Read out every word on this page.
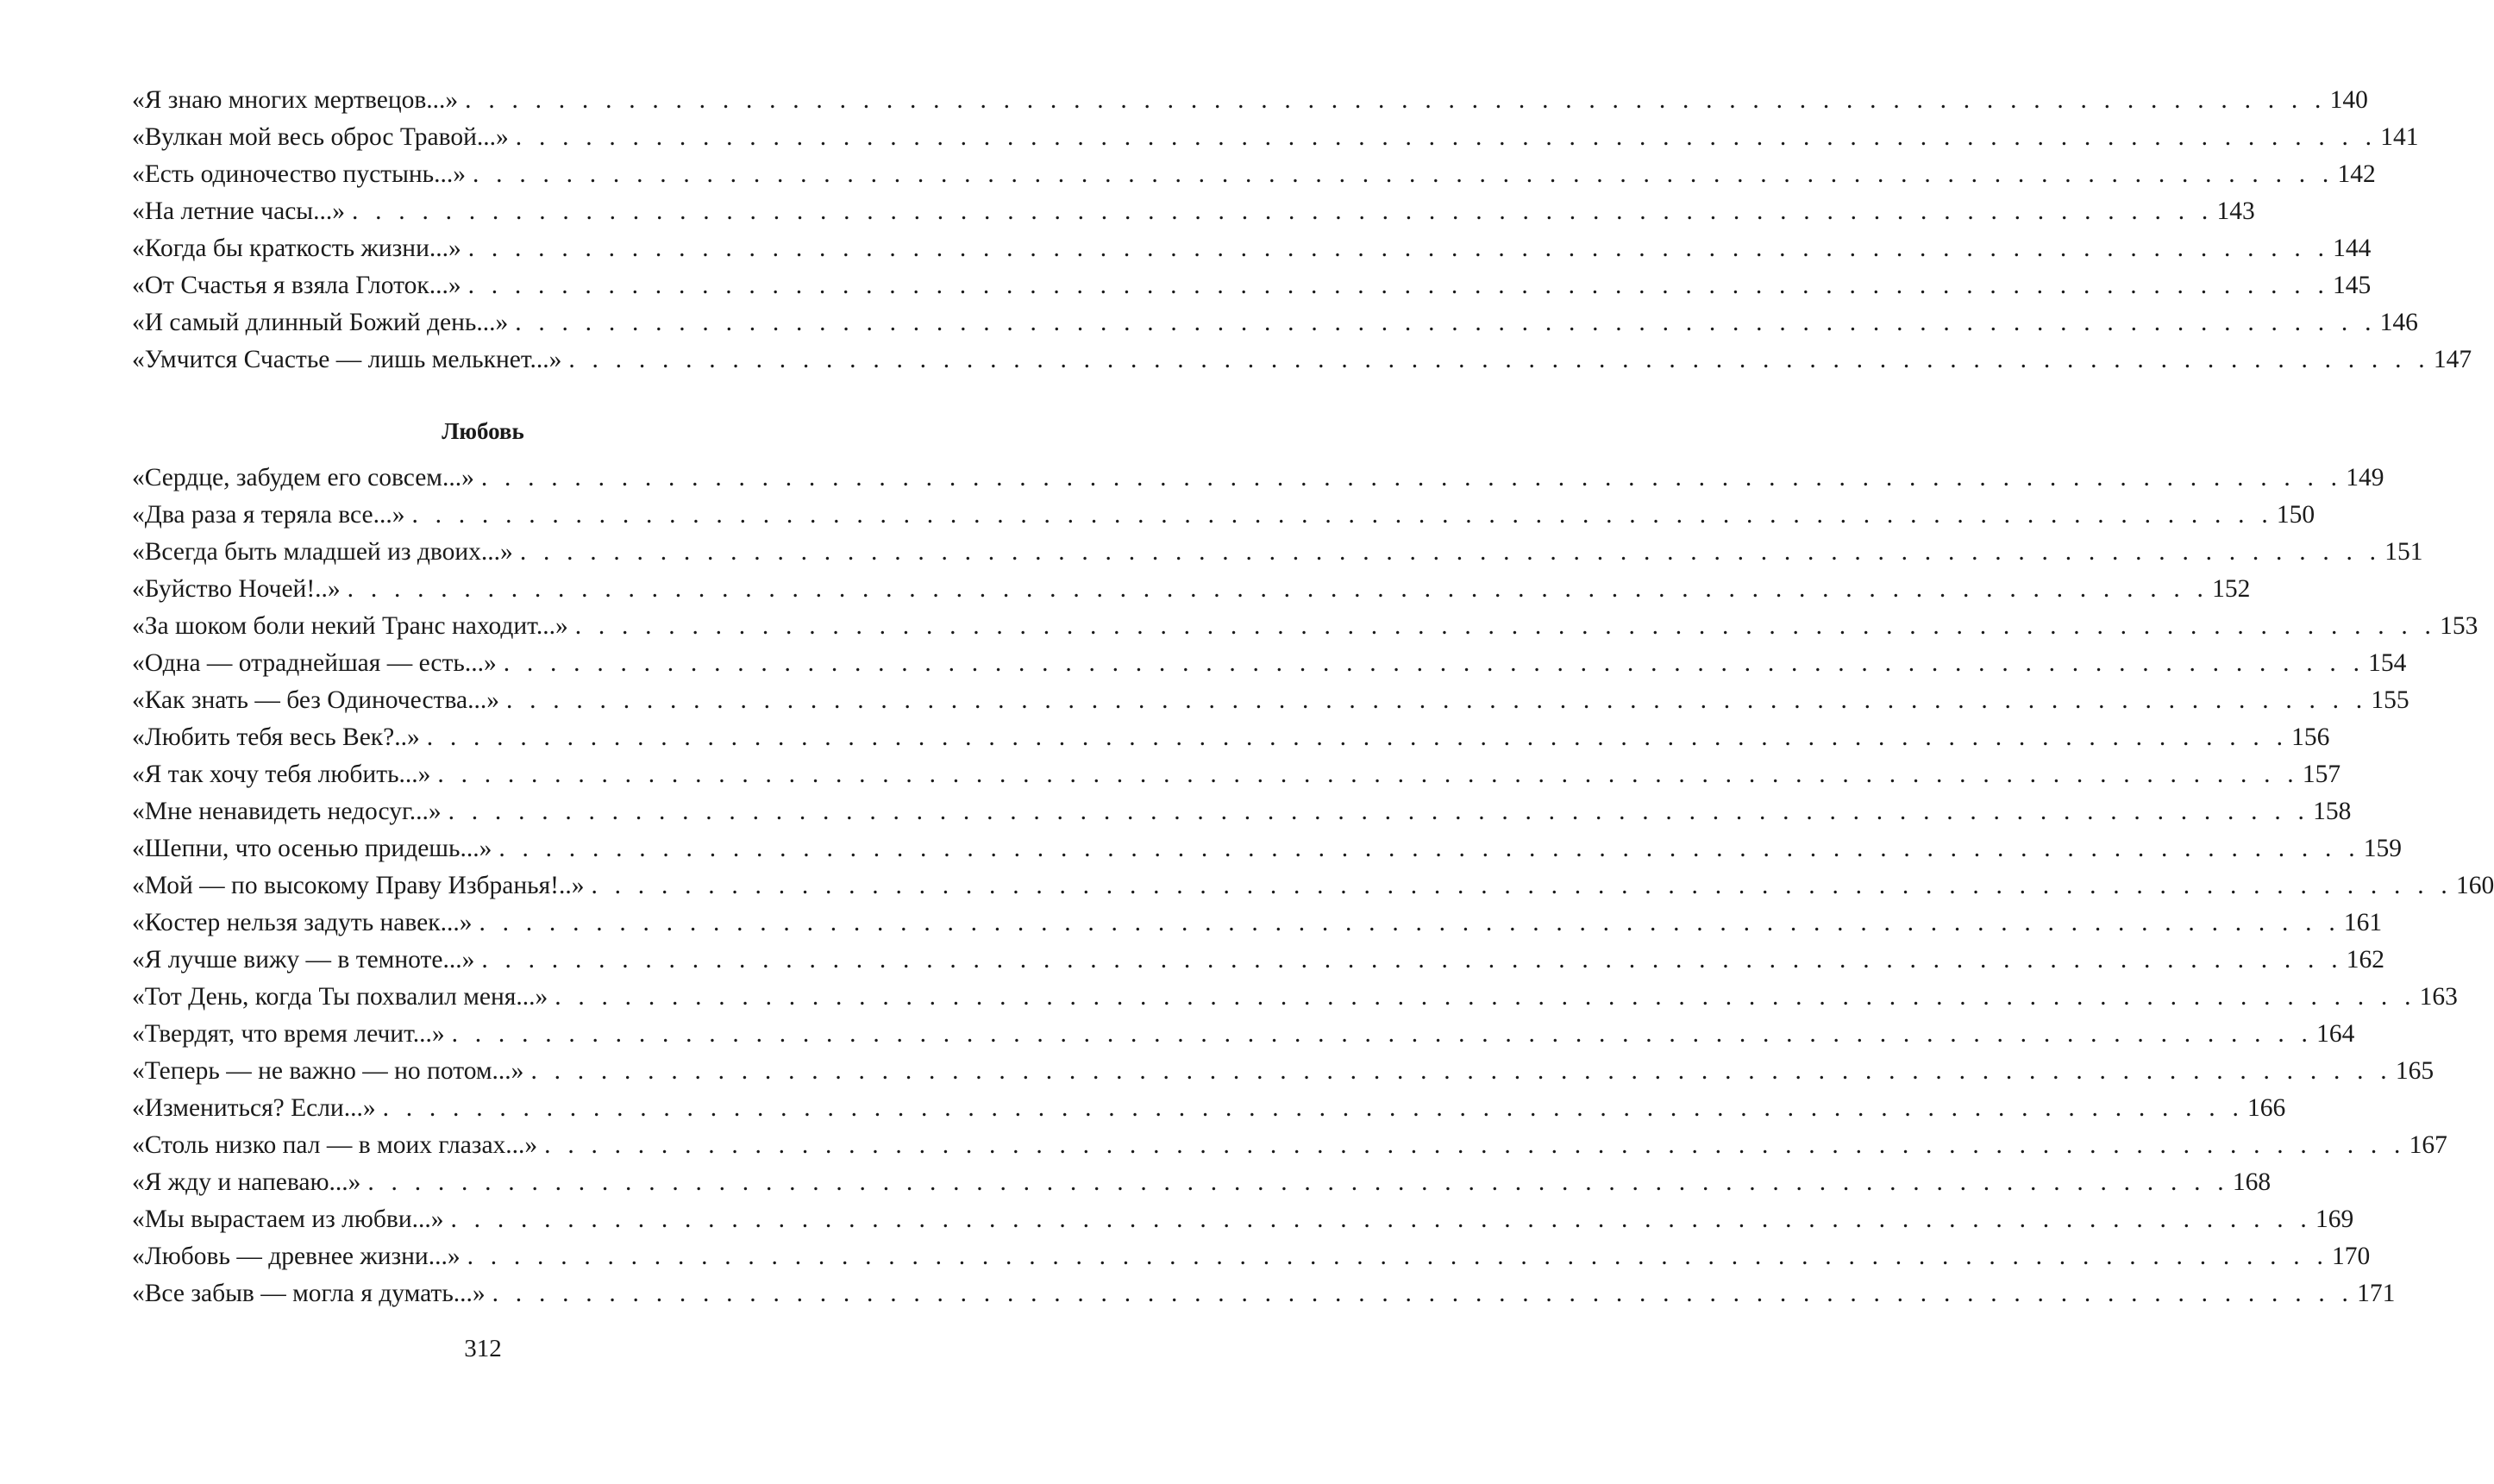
«Я знаю многих мертвецов...» . . . . . . . . . . . . . . . . . . . . . . . . . . . . . . . . . . . . . . . . . . . . . . . . . . . . . . . . . . . . . . . . . . . . . . . . . . . . . . . . 140
«Вулкан мой весь оброс Травой...» . . . . . . . . . . . . . . . . . . . . . . . . . . . . . . . . . . . . . . . . . . . . . . . . . . . . . . . . . . . . . . . . . . . . . . . . . . . . . . . . 141
«Есть одиночество пустынь...» . . . . . . . . . . . . . . . . . . . . . . . . . . . . . . . . . . . . . . . . . . . . . . . . . . . . . . . . . . . . . . . . . . . . . . . . . . . . . . . . 142
«На летние часы...» . . . . . . . . . . . . . . . . . . . . . . . . . . . . . . . . . . . . . . . . . . . . . . . . . . . . . . . . . . . . . . . . . . . . . . . . . . . . . . . . 143
«Когда бы краткость жизни...» . . . . . . . . . . . . . . . . . . . . . . . . . . . . . . . . . . . . . . . . . . . . . . . . . . . . . . . . . . . . . . . . . . . . . . . . . . . . . . . . 144
«От Счастья я взяла Глоток...» . . . . . . . . . . . . . . . . . . . . . . . . . . . . . . . . . . . . . . . . . . . . . . . . . . . . . . . . . . . . . . . . . . . . . . . . . . . . . . . . 145
«И самый длинный Божий день...» . . . . . . . . . . . . . . . . . . . . . . . . . . . . . . . . . . . . . . . . . . . . . . . . . . . . . . . . . . . . . . . . . . . . . . . . . . . . . . . . 146
«Умчится Счастье — лишь мелькнет...» . . . . . . . . . . . . . . . . . . . . . . . . . . . . . . . . . . . . . . . . . . . . . . . . . . . . . . . . . . . . . . . . . . . . . . . . . . . . . . . . 147
Любовь
«Сердце, забудем его совсем...» . . . . . . . . . . . . . . . . . . . . . . . . . . . . . . . . . . . . . . . . . . . . . . . . . . . . . . . . . . . . . . . . . . . . . . . . . . . . . . . . 149
«Два раза я теряла все...» . . . . . . . . . . . . . . . . . . . . . . . . . . . . . . . . . . . . . . . . . . . . . . . . . . . . . . . . . . . . . . . . . . . . . . . . . . . . . . . . 150
«Всегда быть младшей из двоих...» . . . . . . . . . . . . . . . . . . . . . . . . . . . . . . . . . . . . . . . . . . . . . . . . . . . . . . . . . . . . . . . . . . . . . . . . . . . . . . . . 151
«Буйство Ночей!..» . . . . . . . . . . . . . . . . . . . . . . . . . . . . . . . . . . . . . . . . . . . . . . . . . . . . . . . . . . . . . . . . . . . . . . . . . . . . . . . . 152
«За шоком боли некий Транс находит...» . . . . . . . . . . . . . . . . . . . . . . . . . . . . . . . . . . . . . . . . . . . . . . . . . . . . . . . . . . . . . . . . . . . . . . . . . . . . . . . . 153
«Одна — отраднейшая — есть...» . . . . . . . . . . . . . . . . . . . . . . . . . . . . . . . . . . . . . . . . . . . . . . . . . . . . . . . . . . . . . . . . . . . . . . . . . . . . . . . . 154
«Как знать — без Одиночества...» . . . . . . . . . . . . . . . . . . . . . . . . . . . . . . . . . . . . . . . . . . . . . . . . . . . . . . . . . . . . . . . . . . . . . . . . . . . . . . . . 155
«Любить тебя весь Век?..» . . . . . . . . . . . . . . . . . . . . . . . . . . . . . . . . . . . . . . . . . . . . . . . . . . . . . . . . . . . . . . . . . . . . . . . . . . . . . . . . 156
«Я так хочу тебя любить...» . . . . . . . . . . . . . . . . . . . . . . . . . . . . . . . . . . . . . . . . . . . . . . . . . . . . . . . . . . . . . . . . . . . . . . . . . . . . . . . . 157
«Мне ненавидеть недосуг...» . . . . . . . . . . . . . . . . . . . . . . . . . . . . . . . . . . . . . . . . . . . . . . . . . . . . . . . . . . . . . . . . . . . . . . . . . . . . . . . . 158
«Шепни, что осенью придешь...» . . . . . . . . . . . . . . . . . . . . . . . . . . . . . . . . . . . . . . . . . . . . . . . . . . . . . . . . . . . . . . . . . . . . . . . . . . . . . . . . 159
«Мой — по высокому Праву Избранья!..» . . . . . . . . . . . . . . . . . . . . . . . . . . . . . . . . . . . . . . . . . . . . . . . . . . . . . . . . . . . . . . . . . . . . . . . . . . . . . . . . 160
«Костер нельзя задуть навек...» . . . . . . . . . . . . . . . . . . . . . . . . . . . . . . . . . . . . . . . . . . . . . . . . . . . . . . . . . . . . . . . . . . . . . . . . . . . . . . . . 161
«Я лучше вижу — в темноте...» . . . . . . . . . . . . . . . . . . . . . . . . . . . . . . . . . . . . . . . . . . . . . . . . . . . . . . . . . . . . . . . . . . . . . . . . . . . . . . . . 162
«Тот День, когда Ты похвалил меня...» . . . . . . . . . . . . . . . . . . . . . . . . . . . . . . . . . . . . . . . . . . . . . . . . . . . . . . . . . . . . . . . . . . . . . . . . . . . . . . . . 163
«Твердят, что время лечит...» . . . . . . . . . . . . . . . . . . . . . . . . . . . . . . . . . . . . . . . . . . . . . . . . . . . . . . . . . . . . . . . . . . . . . . . . . . . . . . . . 164
«Теперь — не важно — но потом...» . . . . . . . . . . . . . . . . . . . . . . . . . . . . . . . . . . . . . . . . . . . . . . . . . . . . . . . . . . . . . . . . . . . . . . . . . . . . . . . . 165
«Измениться? Если...» . . . . . . . . . . . . . . . . . . . . . . . . . . . . . . . . . . . . . . . . . . . . . . . . . . . . . . . . . . . . . . . . . . . . . . . . . . . . . . . . 166
«Столь низко пал — в моих глазах...» . . . . . . . . . . . . . . . . . . . . . . . . . . . . . . . . . . . . . . . . . . . . . . . . . . . . . . . . . . . . . . . . . . . . . . . . . . . . . . . . 167
«Я жду и напеваю...» . . . . . . . . . . . . . . . . . . . . . . . . . . . . . . . . . . . . . . . . . . . . . . . . . . . . . . . . . . . . . . . . . . . . . . . . . . . . . . . . 168
«Мы вырастаем из любви...» . . . . . . . . . . . . . . . . . . . . . . . . . . . . . . . . . . . . . . . . . . . . . . . . . . . . . . . . . . . . . . . . . . . . . . . . . . . . . . . . 169
«Любовь — древнее жизни...» . . . . . . . . . . . . . . . . . . . . . . . . . . . . . . . . . . . . . . . . . . . . . . . . . . . . . . . . . . . . . . . . . . . . . . . . . . . . . . . . 170
«Все забыв — могла я думать...» . . . . . . . . . . . . . . . . . . . . . . . . . . . . . . . . . . . . . . . . . . . . . . . . . . . . . . . . . . . . . . . . . . . . . . . . . . . . . . . . 171
312
